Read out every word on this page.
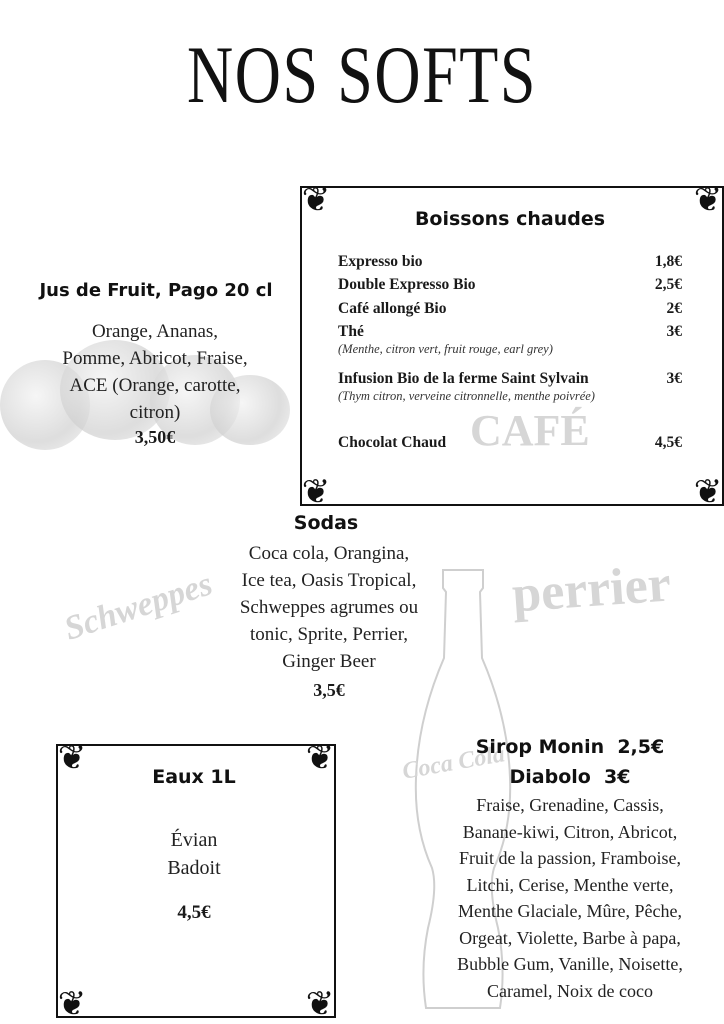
NOS SOFTS
Jus de Fruit, Pago 20 cl
Orange, Ananas,
Pomme, Abricot, Fraise,
ACE (Orange, carotte,
citron)
3,50€
❦	❦
❦	❦
CAFÉ
Boissons chaudes
Expresso bio	1,8€
Double Expresso Bio	2,5€
Café allongé Bio	2€
Thé	3€
(Menthe, citron vert, fruit rouge, earl grey)
Infusion Bio de la ferme Saint Sylvain	3€
(Thym citron, verveine citronnelle, menthe poivrée)
Chocolat Chaud	4,5€
Schweppes	perrier
Coca Cola
Sodas
Coca cola, Orangina,
Ice tea, Oasis Tropical,
Schweppes agrumes ou
tonic, Sprite, Perrier,
Ginger Beer
3,5€
❦	❦
❦	❦
Eaux 1L
Évian
Badoit
4,5€
Sirop Monin  2,5€
Diabolo  3€
Fraise, Grenadine, Cassis,
Banane-kiwi, Citron, Abricot,
Fruit de la passion, Framboise,
Litchi, Cerise, Menthe verte,
Menthe Glaciale, Mûre, Pêche,
Orgeat, Violette, Barbe à papa,
Bubble Gum, Vanille, Noisette,
Caramel, Noix de coco
